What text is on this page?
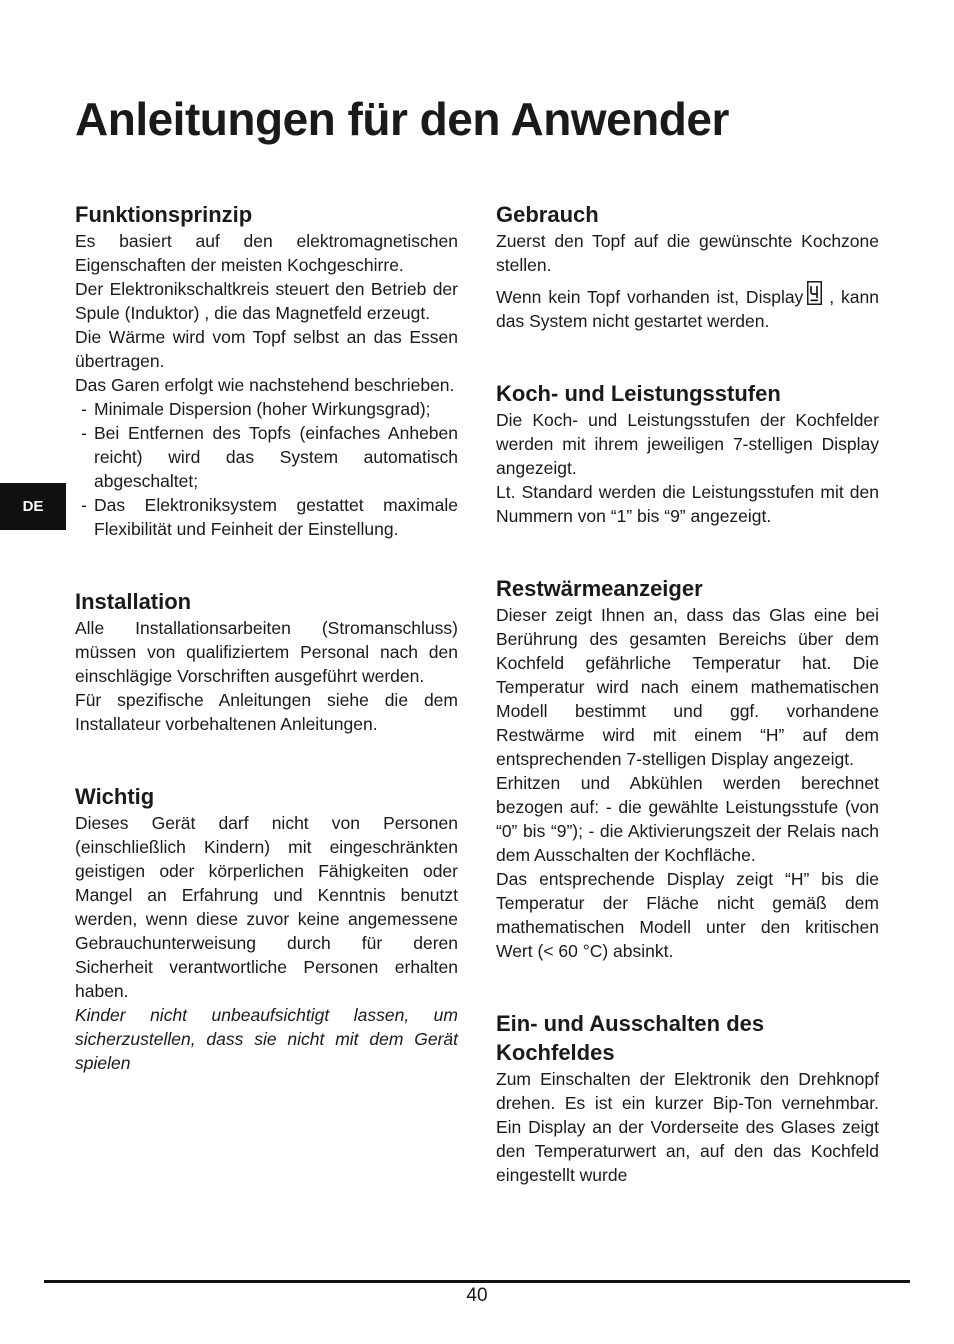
Anleitungen für den Anwender
DE
Funktionsprinzip

Es basiert auf den elektromagnetischen Eigenschaften der meisten Kochgeschirre.

Der Elektronikschaltkreis steuert den Betrieb der Spule (Induktor) , die das Magnetfeld erzeugt.

Die Wärme wird vom Topf selbst an das Essen übertragen.

Das Garen erfolgt wie nachstehend beschrieben.

- Minimale Dispersion (hoher Wirkungsgrad);
- Bei Entfernen des Topfs (einfaches Anheben reicht) wird das System automatisch abgeschaltet;
- Das Elektroniksystem gestattet maximale Flexibilität und Feinheit der Einstellung.
Installation

Alle Installationsarbeiten (Stromanschluss) müssen von qualifiziertem Personal nach den einschlägige Vorschriften ausgeführt werden.

Für spezifische Anleitungen siehe die dem Installateur vorbehaltenen Anleitungen.

Wichtig

Dieses Gerät darf nicht von Personen (einschließlich Kindern) mit eingeschränkten geistigen oder körperlichen Fähigkeiten oder Mangel an Erfahrung und Kenntnis benutzt werden, wenn diese zuvor keine angemessene Gebrauchunterweisung durch für deren Sicherheit verantwortliche Personen erhalten haben.

Kinder nicht unbeaufsichtigt lassen, um sicherzustellen, dass sie nicht mit dem Gerät spielen

Gebrauch

Zuerst den Topf auf die gewünschte Kochzone stellen.

Wenn kein Topf vorhanden ist, Display , kann das System nicht gestartet werden.

Koch- und Leistungsstufen

Die Koch- und Leistungsstufen der Kochfelder werden mit ihrem jeweiligen 7-stelligen Display angezeigt.

Lt. Standard werden die Leistungsstufen mit den Nummern von “1” bis “9” angezeigt.

Restwärmeanzeiger

Dieser zeigt Ihnen an, dass das Glas eine bei Berührung des gesamten Bereichs über dem Kochfeld gefährliche Temperatur hat. Die Temperatur wird nach einem mathematischen Modell bestimmt und ggf. vorhandene Restwärme wird mit einem “H” auf dem entsprechenden 7-stelligen Display angezeigt.

Erhitzen und Abkühlen werden berechnet bezogen auf: - die gewählte Leistungsstufe (von “0” bis “9”); - die Aktivierungszeit der Relais nach dem Ausschalten der Kochfläche.

Das entsprechende Display zeigt “H” bis die Temperatur der Fläche nicht gemäß dem mathematischen Modell unter den kritischen Wert (< 60 °C) absinkt.

Ein- und Ausschalten des Kochfeldes

Zum Einschalten der Elektronik den Drehknopf drehen. Es ist ein kurzer Bip-Ton vernehmbar. Ein Display an der Vorderseite des Glases zeigt den Temperaturwert an, auf den das Kochfeld eingestellt wurde

40
